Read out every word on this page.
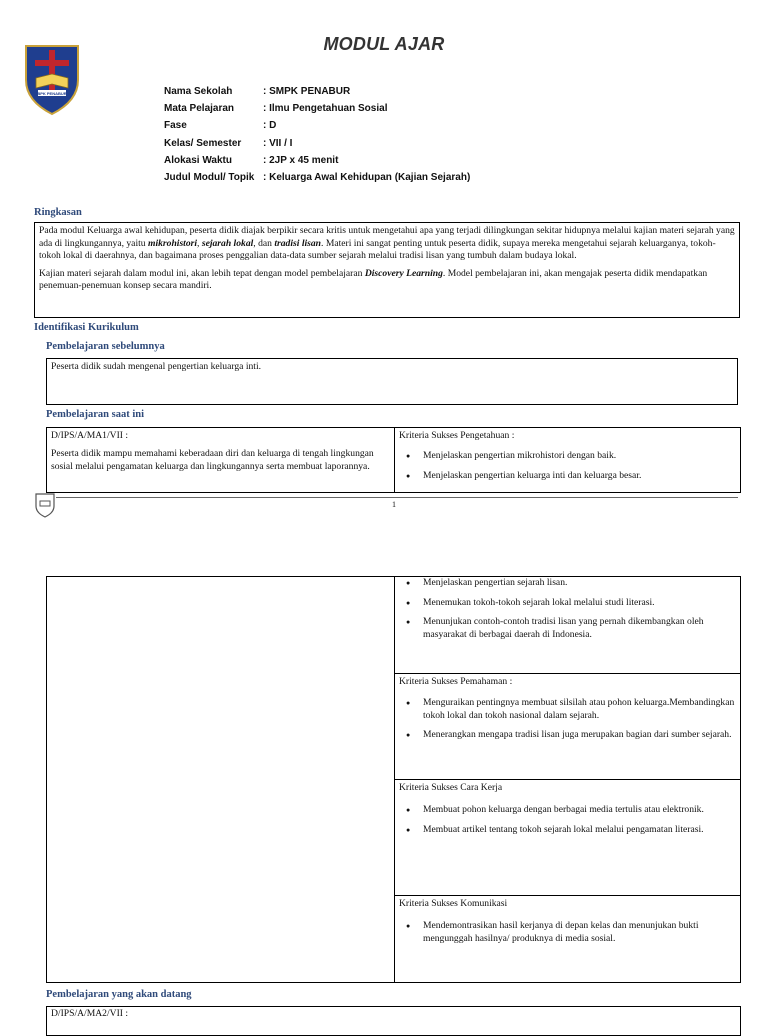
MODUL AJAR
BPK PENABUR	Nama Sekolah	: SMPK PENABUR
Mata Pelajaran	: Ilmu Pengetahuan Sosial
Fase	: D
Kelas/ Semester	: VII / I
Alokasi Waktu	: 2JP x 45 menit
Judul Modul/ Topik : Keluarga Awal Kehidupan (Kajian Sejarah)
Ringkasan
Pada modul Keluarga awal kehidupan, peserta didik diajak berpikir secara kritis untuk mengetahui apa yang terjadi dilingkungan sekitar hidupnya melalui kajian materi sejarah yang ada di lingkungannya, yaitu mikrohistori, sejarah lokal, dan tradisi lisan. Materi ini sangat penting untuk peserta didik, supaya mereka mengetahui sejarah keluarganya, tokoh-tokoh lokal di daerahnya, dan bagaimana proses penggalian data-data sumber sejarah melalui tradisi lisan yang tumbuh dalam budaya lokal.
Kajian materi sejarah dalam modul ini, akan lebih tepat dengan model pembelajaran Discovery Learning. Model pembelajaran ini, akan mengajak peserta didik mendapatkan penemuan-penemuan konsep secara mandiri.
Identifikasi Kurikulum
Pembelajaran sebelumnya
Peserta didik sudah mengenal pengertian keluarga inti.
Pembelajaran saat ini
D/IPS/A/MA1/VII :
Peserta didik mampu memahami keberadaan diri dan keluarga di tengah lingkungan sosial melalui pengamatan keluarga dan lingkungannya serta membuat laporannya.
Kriteria Sukses Pengetahuan :
● Menjelaskan pengertian mikrohistori dengan baik.
● Menjelaskan pengertian keluarga inti dan keluarga besar.
1
● Menjelaskan pengertian sejarah lisan.
● Menemukan tokoh-tokoh sejarah lokal melalui studi literasi.
● Menunjukan contoh-contoh tradisi lisan yang pernah dikembangkan oleh masyarakat di berbagai daerah di Indonesia.
Kriteria Sukses Pemahaman :
● Menguraikan pentingnya membuat silsilah atau pohon keluarga.Membandingkan tokoh lokal dan tokoh nasional dalam sejarah.
● Menerangkan mengapa tradisi lisan juga merupakan bagian dari sumber sejarah.
Kriteria Sukses Cara Kerja
● Membuat pohon keluarga dengan berbagai media tertulis atau elektronik.
● Membuat artikel tentang tokoh sejarah lokal melalui pengamatan literasi.
Kriteria Sukses Komunikasi
● Mendemontrasikan hasil kerjanya di depan kelas dan menunjukan bukti mengunggah hasilnya/ produknya di media sosial.
Pembelajaran yang akan datang
D/IPS/A/MA2/VII :
